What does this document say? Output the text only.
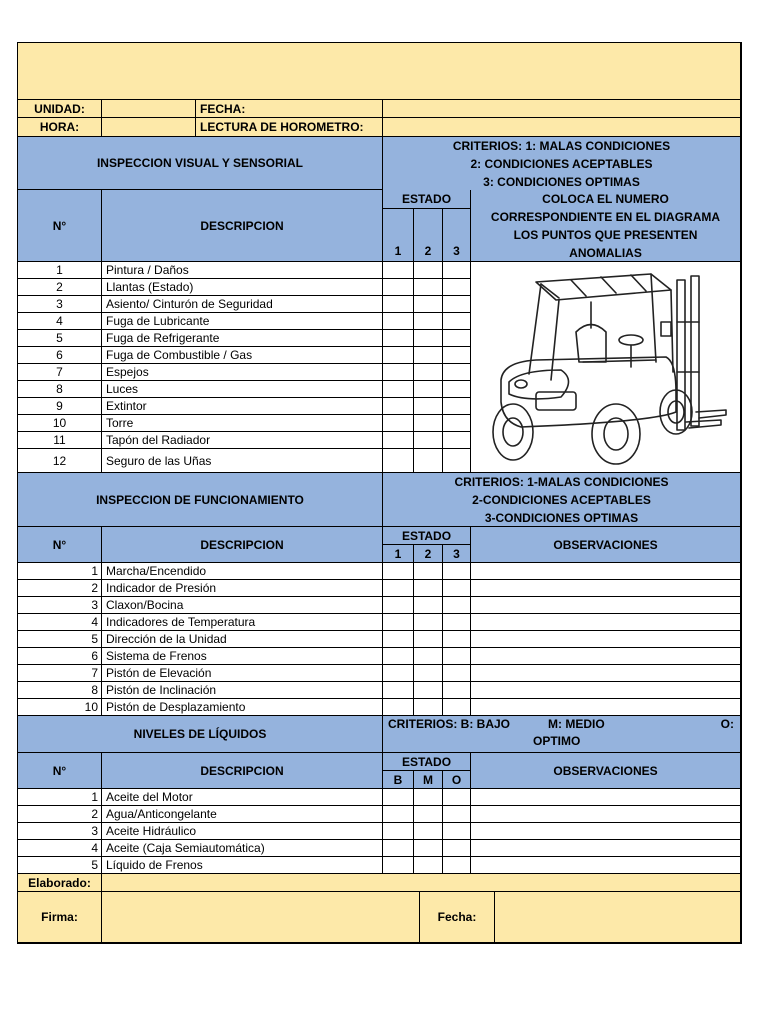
UNIDAD:	FECHA:
HORA:	LECTURA DE HOROMETRO:
INSPECCION VISUAL Y SENSORIAL
CRITERIOS: 1: MALAS CONDICIONES
2: CONDICIONES ACEPTABLES
3: CONDICIONES OPTIMAS
N°	DESCRIPCION
ESTADO
1	2	3
COLOCA EL NUMERO
CORRESPONDIENTE EN EL DIAGRAMA
LOS PUNTOS QUE PRESENTEN
ANOMALIAS
1	Pintura / Daños
2	Llantas (Estado)
3	Asiento/ Cinturón de Seguridad
4	Fuga de Lubricante
5	Fuga de Refrigerante
6	Fuga de Combustible / Gas
7	Espejos
8	Luces
9	Extintor
10	Torre
11	Tapón del Radiador
12	Seguro de las Uñas
INSPECCION DE FUNCIONAMIENTO
CRITERIOS: 1-MALAS CONDICIONES
2-CONDICIONES ACEPTABLES
3-CONDICIONES OPTIMAS
N°	DESCRIPCION
ESTADO
1	2	3
OBSERVACIONES
1 Marcha/Encendido
2 Indicador de Presión
3 Claxon/Bocina
4 Indicadores de Temperatura
5 Dirección de la Unidad
6 Sistema de Frenos
7 Pistón de Elevación
8 Pistón de Inclinación
10 Pistón de Desplazamiento
NIVELES DE LÍQUIDOS
CRITERIOS: B: BAJO	M: MEDIO	O:
OPTIMO
N°	DESCRIPCION
ESTADO
B	M	O
OBSERVACIONES
1 Aceite del Motor
2 Agua/Anticongelante
3 Aceite Hidráulico
4 Aceite (Caja Semiautomática)
5 Líquido de Frenos
Elaborado:
Firma:	Fecha:
